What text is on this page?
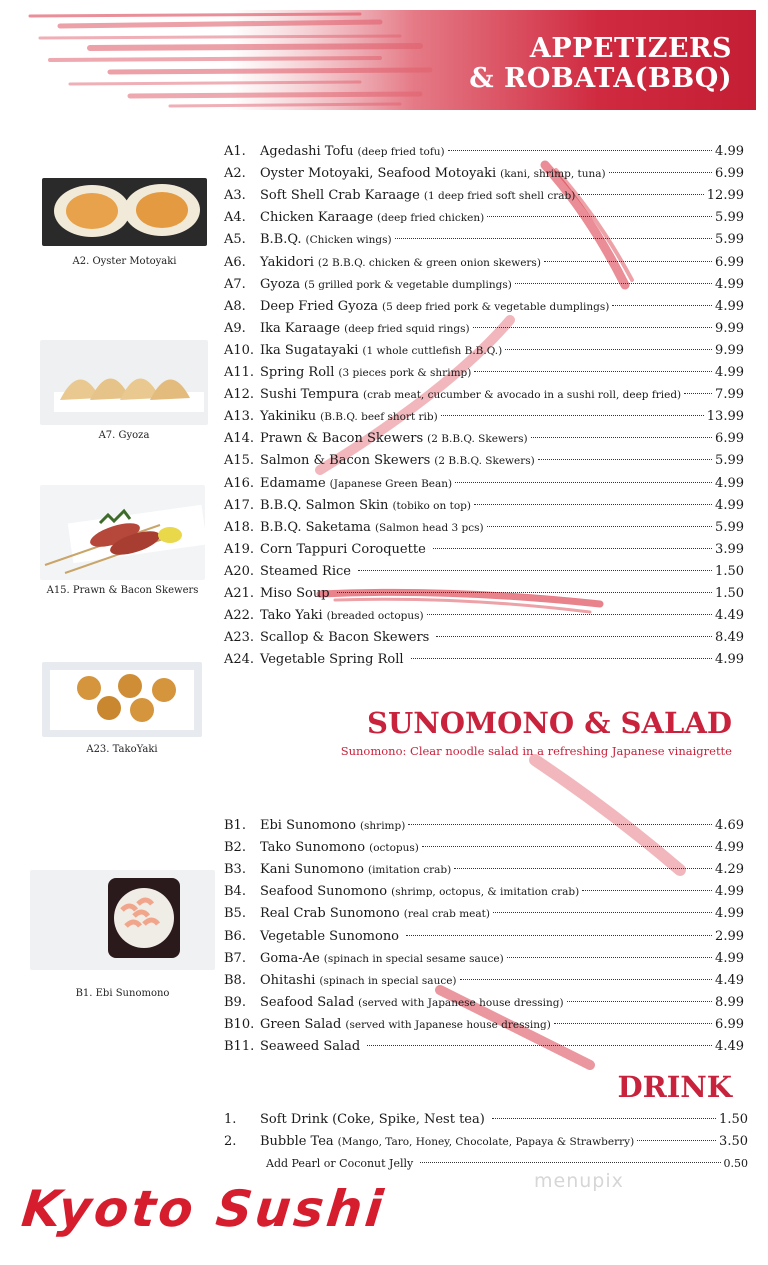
APPETIZERS
& ROBATA(BBQ)
A2. Oyster Motoyaki
A7. Gyoza
A15. Prawn & Bacon Skewers
A23. TakoYaki
B1. Ebi Sunomono
A1.	Agedashi Tofu (deep fried tofu)	4.99
A2.	Oyster Motoyaki, Seafood Motoyaki (kani, shrimp, tuna)	6.99
A3.	Soft Shell Crab Karaage (1 deep fried soft shell crab)	12.99
A4.	Chicken Karaage (deep fried chicken)	5.99
A5.	B.B.Q. (Chicken wings)	5.99
A6.	Yakidori (2 B.B.Q. chicken & green onion skewers)	6.99
A7.	Gyoza (5 grilled pork & vegetable dumplings)	4.99
A8.	Deep Fried Gyoza (5 deep fried pork & vegetable dumplings)	4.99
A9.	Ika Karaage (deep fried squid rings)	9.99
A10. Ika Sugatayaki (1 whole cuttlefish B.B.Q.)	9.99
A11. Spring Roll (3 pieces pork & shrimp)	4.99
A12. Sushi Tempura (crab meat, cucumber & avocado in a sushi roll, deep fried)	7.99
A13. Yakiniku (B.B.Q. beef short rib)	13.99
A14. Prawn & Bacon Skewers (2 B.B.Q. Skewers)	6.99
A15. Salmon & Bacon Skewers (2 B.B.Q. Skewers)	5.99
A16. Edamame (Japanese Green Bean)	4.99
A17. B.B.Q. Salmon Skin (tobiko on top)	4.99
A18. B.B.Q. Saketama (Salmon head 3 pcs)	5.99
A19. Corn Tappuri Coroquette	3.99
A20. Steamed Rice	1.50
A21. Miso Soup	1.50
A22. Tako Yaki (breaded octopus)	4.49
A23. Scallop & Bacon Skewers	8.49
A24. Vegetable Spring Roll	4.99
SUNOMONO & SALAD
Sunomono: Clear noodle salad in a refreshing Japanese vinaigrette
B1.	Ebi Sunomono (shrimp)	4.69
B2.	Tako Sunomono (octopus)	4.99
B3.	Kani Sunomono (imitation crab)	4.29
B4.	Seafood Sunomono (shrimp, octopus, & imitation crab)	4.99
B5.	Real Crab Sunomono (real crab meat)	4.99
B6.	Vegetable Sunomono	2.99
B7.	Goma-Ae (spinach in special sesame sauce)	4.99
B8.	Ohitashi (spinach in special sauce)	4.49
B9.	Seafood Salad (served with Japanese house dressing)	8.99
B10. Green Salad (served with Japanese house dressing)	6.99
B11. Seaweed Salad	4.49
DRINK
1.	Soft Drink (Coke, Spike, Nest tea)	1.50
2.	Bubble Tea (Mango, Taro, Honey, Chocolate, Papaya & Strawberry)	3.50
Add Pearl or Coconut Jelly	0.50
Kyoto Sushi	menupix
